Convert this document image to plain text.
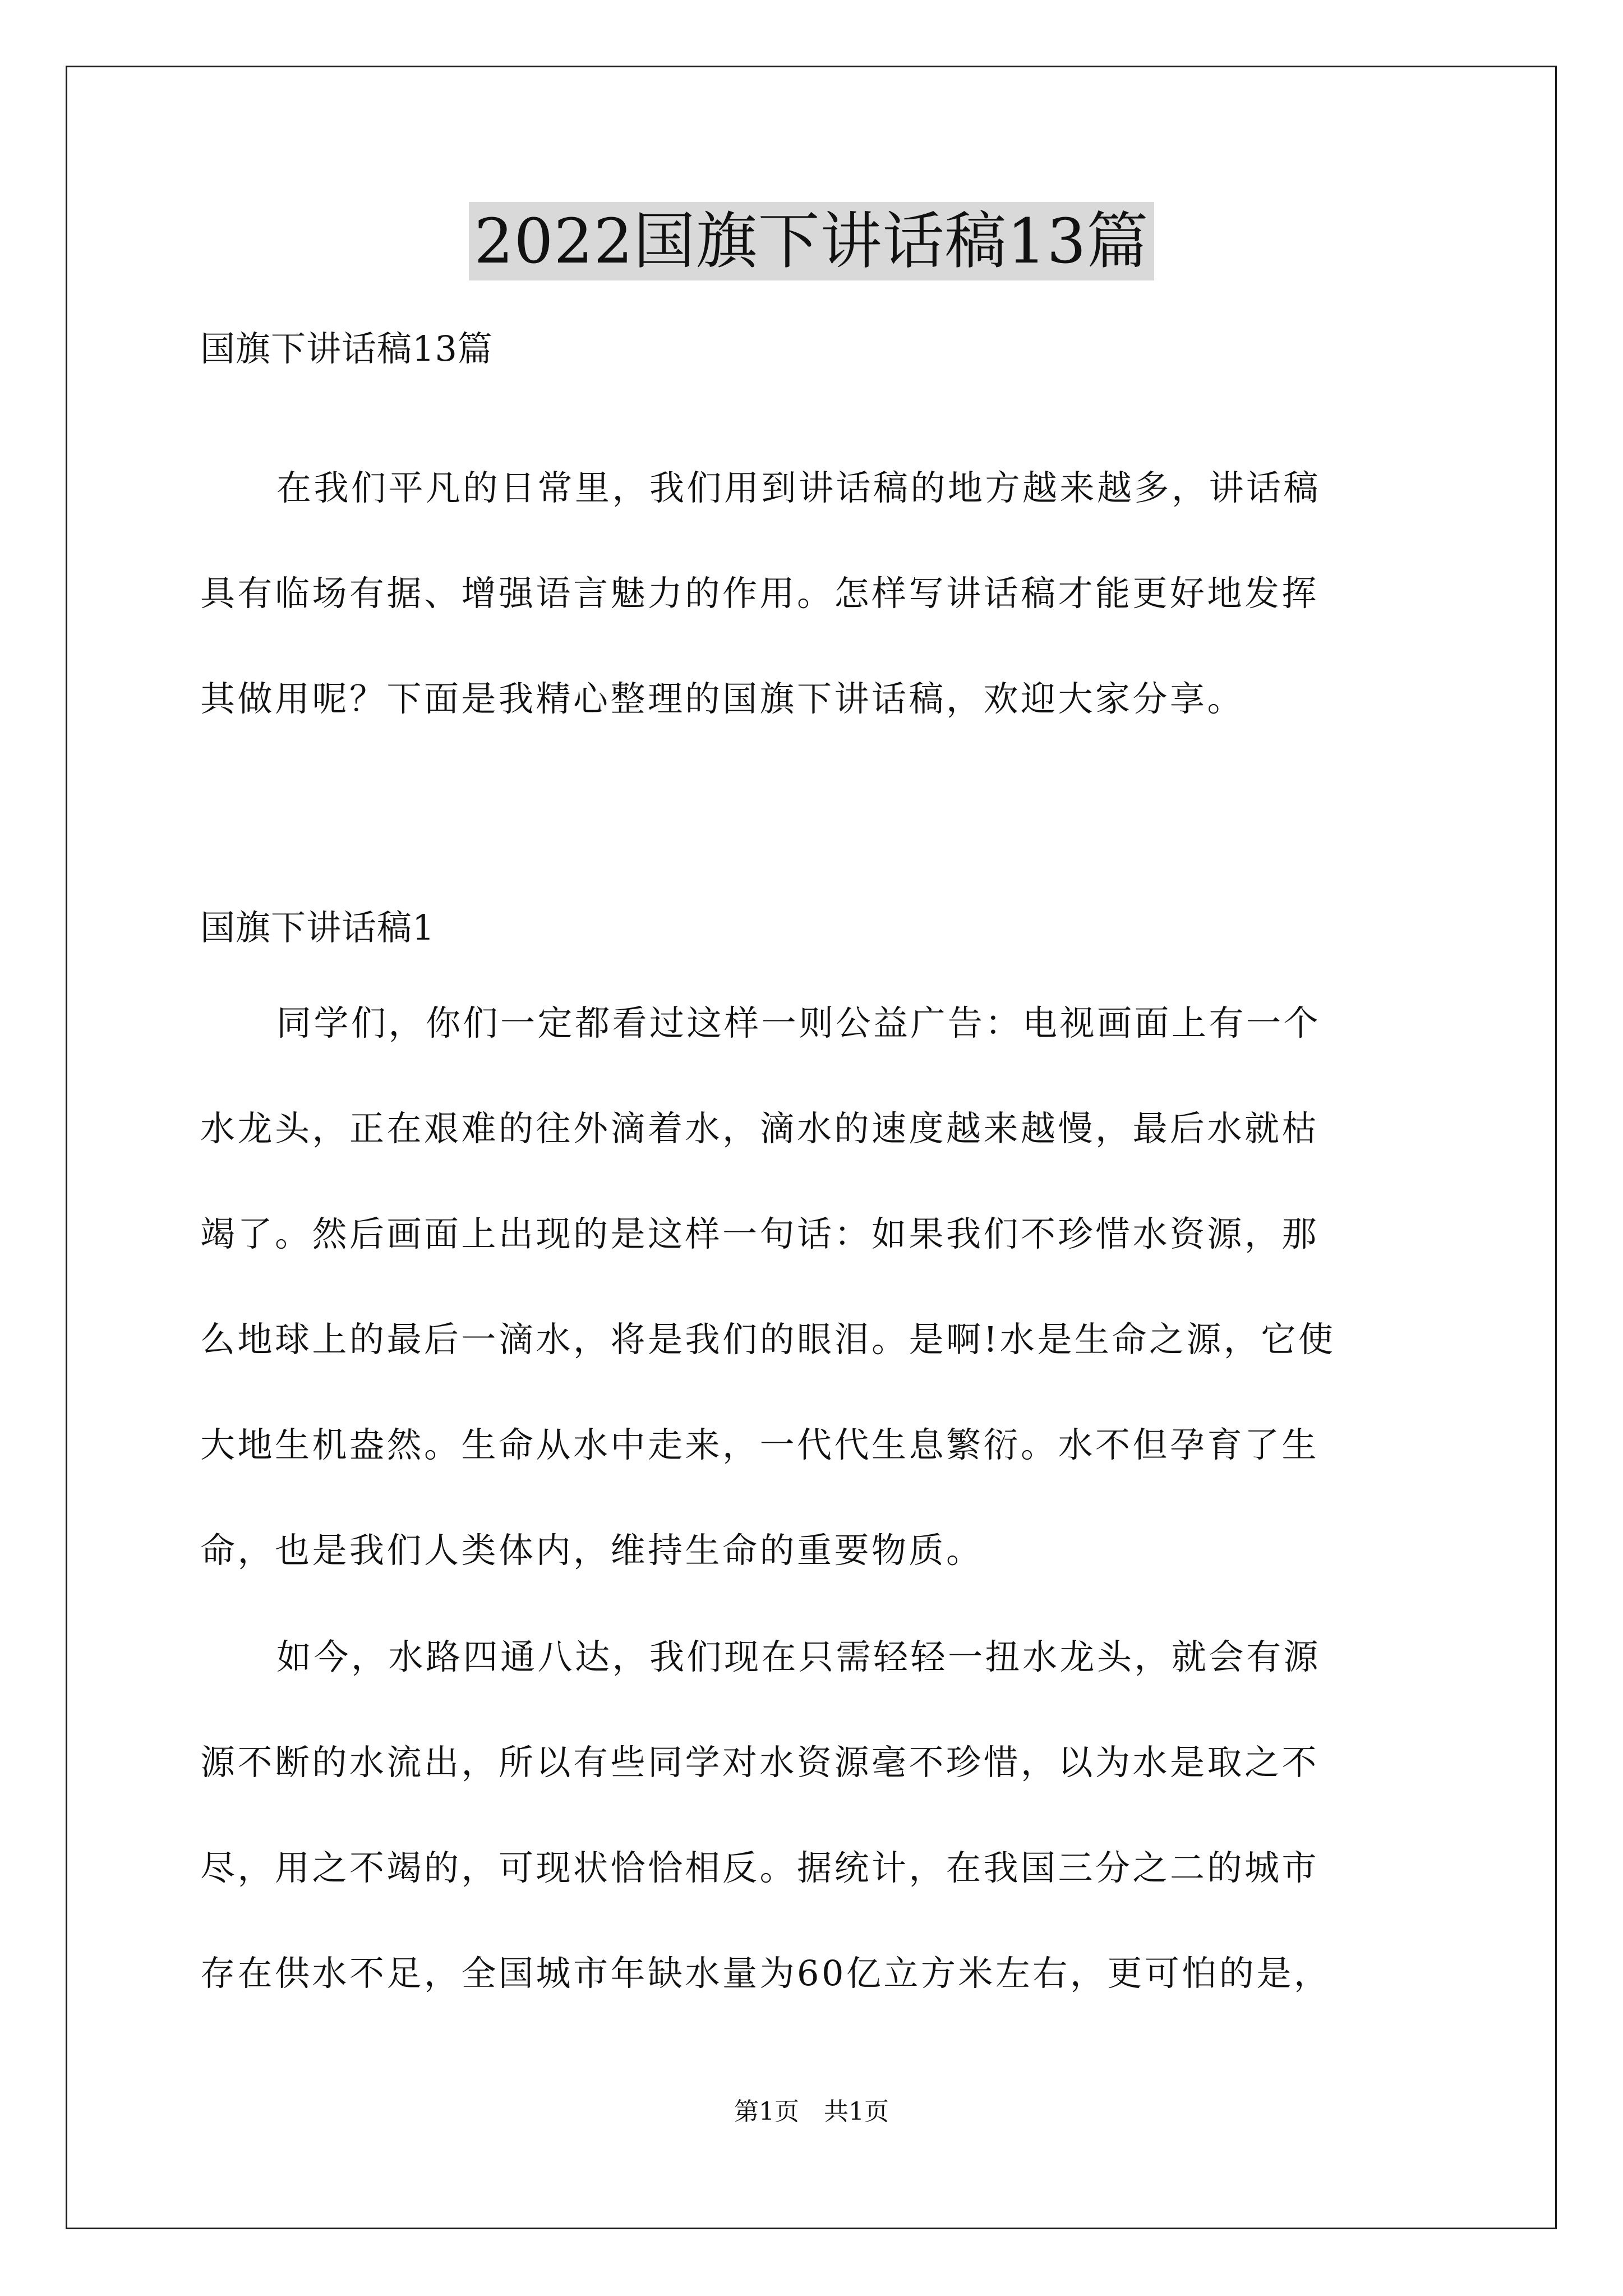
2022国旗下讲话稿13篇
国旗下讲话稿13篇
在我们平凡的日常里，我们用到讲话稿的地方越来越多，讲话稿
具有临场有据、增强语言魅力的作用。怎样写讲话稿才能更好地发挥
其做用呢？下面是我精心整理的国旗下讲话稿，欢迎大家分享。
国旗下讲话稿1
同学们，你们一定都看过这样一则公益广告：电视画面上有一个
水龙头，正在艰难的往外滴着水，滴水的速度越来越慢，最后水就枯
竭了。然后画面上出现的是这样一句话：如果我们不珍惜水资源，那
么地球上的最后一滴水，将是我们的眼泪。是啊!水是生命之源，它使
大地生机盎然。生命从水中走来，一代代生息繁衍。水不但孕育了生
命，也是我们人类体内，维持生命的重要物质。
如今，水路四通八达，我们现在只需轻轻一扭水龙头，就会有源
源不断的水流出，所以有些同学对水资源毫不珍惜，以为水是取之不
尽，用之不竭的，可现状恰恰相反。据统计，在我国三分之二的城市
存在供水不足，全国城市年缺水量为60亿立方米左右，更可怕的是，
第1页　共1页
